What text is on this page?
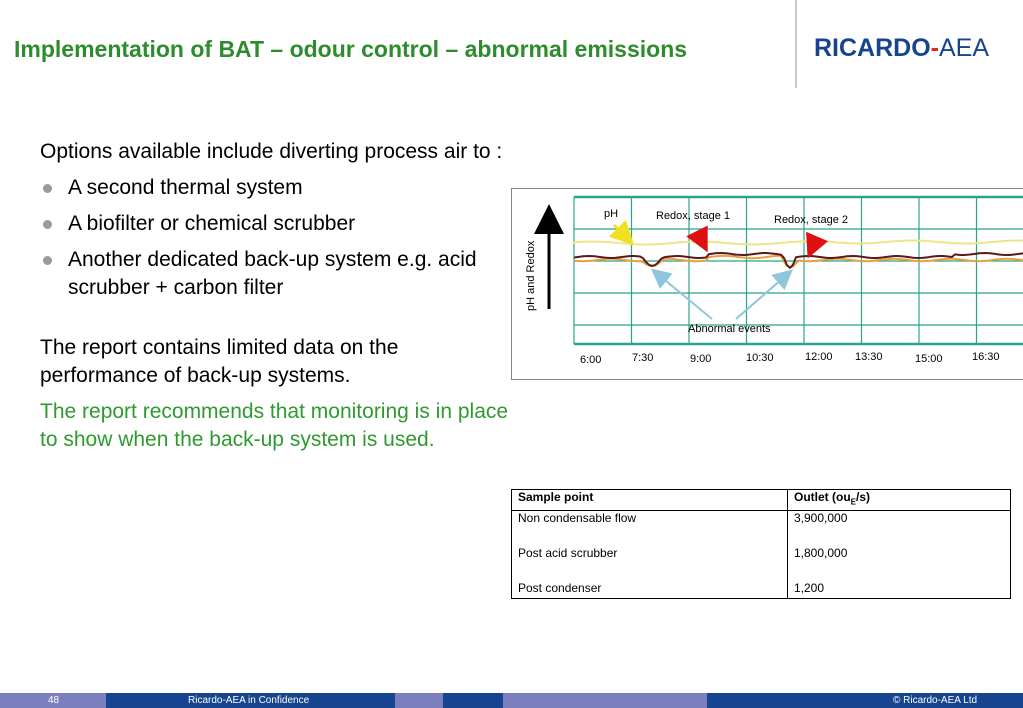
Implementation of BAT – odour control – abnormal emissions	RICARDO-AEA

Options available include diverting process air to :

A second thermal system
A biofilter or chemical scrubber
Another dedicated back-up system e.g. acid scrubber + carbon filter

The report contains limited data on the performance of back-up systems.

The report recommends that monitoring is in place to show when the back-up system is used.

pH and Redox
pH	Redox, stage 1	Redox, stage 2
Abnormal events
6:00	7:30	9:00	10:30	12:00 13:30	15:00	16:30
Sample point	Outlet $(ou_E/s)$
Non condensable flow	3,900,000

Post acid scrubber	1,800,000

Post condenser	1,200
48	Ricardo-AEA in Confidence	© Ricardo-AEA Ltd
